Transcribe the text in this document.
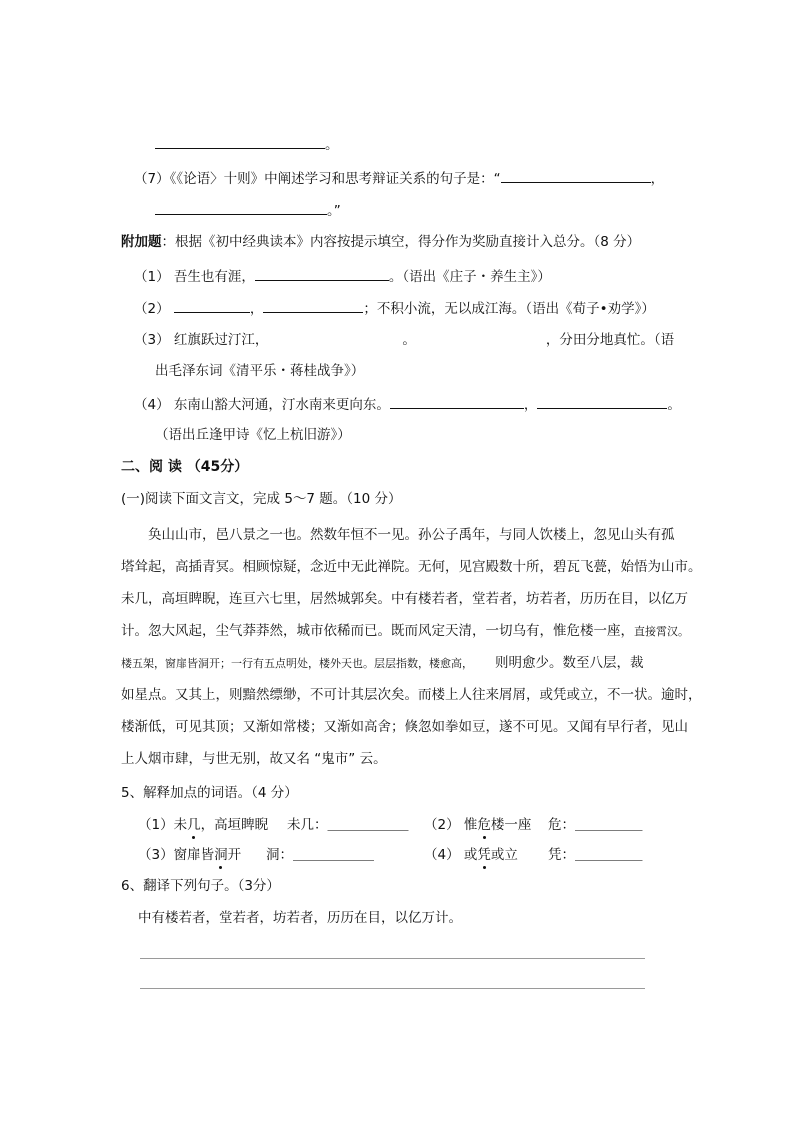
。
（7）《《论语〉十则》中阐述学习和思考辩证关系的句子是：“	，
。”
附加题：根据《初中经典读本》内容按提示填空，得分作为奖励直接计入总分。（8 分）
（1） 吾生也有涯，	。（语出《庄子・养生主》）
（2）	，	；不积小流，无以成江海。（语出《荀子•劝学》）
（3） 红旗跃过汀江，	。	，分田分地真忙。（语
出毛泽东词《清平乐・蒋桂战争》）
（4） 东南山豁大河通，汀水南来更向东。	，	。
（语出丘逢甲诗《忆上杭旧游》）
二、阅 读 （45分）
(一)阅读下面文言文，完成 5～7 题。（10 分）
奂山山市，邑八景之一也。然数年恒不一见。孙公子禹年，与同人饮楼上，忽见山头有孤
塔耸起，高插青冥。相顾惊疑，念近中无此禅院。无何，见宫殿数十所，碧瓦飞甍，始悟为山市。
未几，高垣睥睨，连亘六七里，居然城郭矣。中有楼若者，堂若者，坊若者，历历在目，以亿万
计。忽大风起，尘气莽莽然，城市依稀而已。既而风定天清，一切乌有，惟危楼一座，直接霄汉。
楼五架，窗扉皆洞开；一行有五点明处，楼外天也。层层指数，楼愈高， 则明愈少。数至八层，裁
如星点。又其上，则黯然缥缈，不可计其层次矣。而楼上人往来屑屑，或凭或立，不一状。逾时，
楼渐低，可见其顶；又渐如常楼；又渐如高舍；倏忽如拳如豆，遂不可见。又闻有早行者，见山
上人烟市肆，与世无别，故又名 “鬼市” 云。
5、解释加点的词语。（4 分）
（1）未几，高垣睥睨 未几：＿＿＿＿＿＿ （2） 惟危楼一座 危：＿＿＿＿＿
（3）窗扉皆洞开 洞：＿＿＿＿＿＿	（4） 或凭或立 凭：＿＿＿＿＿
6、翻译下列句子。（3分）
中有楼若者，堂若者，坊若者，历历在目，以亿万计。
